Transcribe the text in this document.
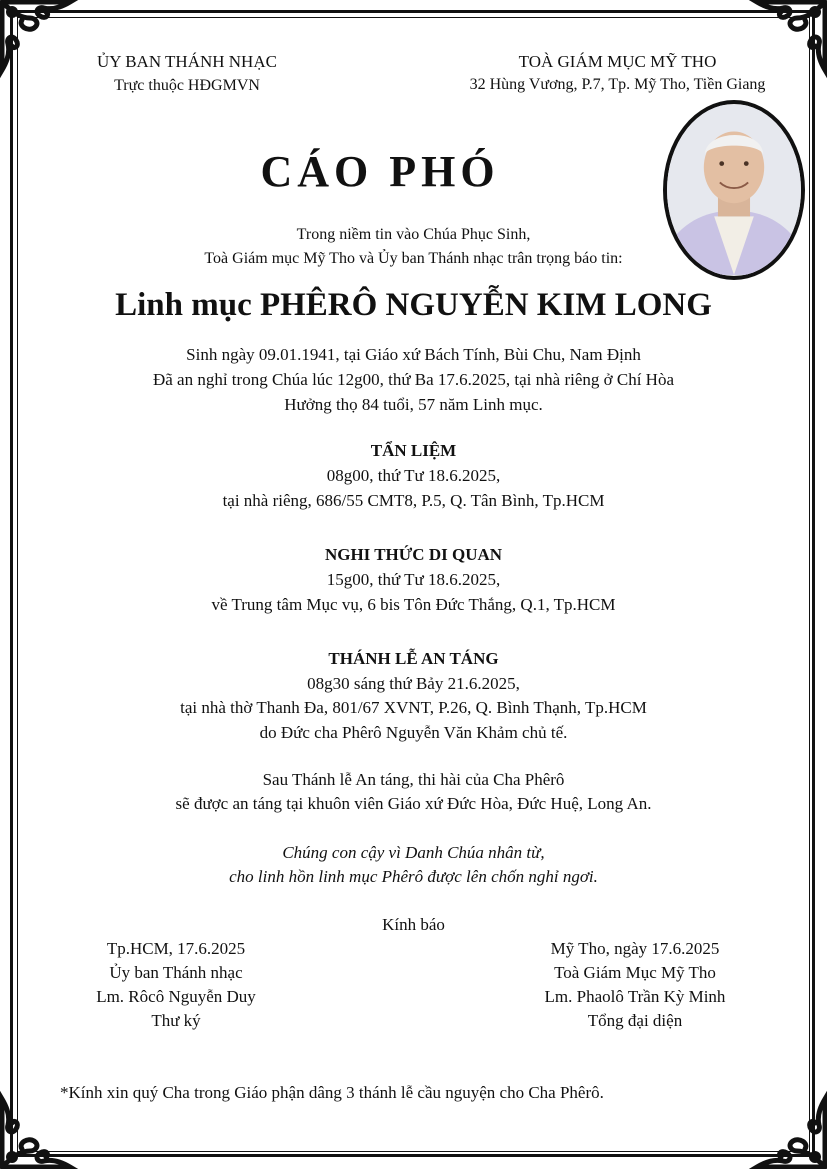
ỦY BAN THÁNH NHẠC
Trực thuộc HĐGMVN
TOÀ GIÁM MỤC MỸ THO
32 Hùng Vương, P.7, Tp. Mỹ Tho, Tiền Giang
CÁO PHÓ
Trong niềm tin vào Chúa Phục Sinh,
Toà Giám mục Mỹ Tho và Ủy ban Thánh nhạc trân trọng báo tin:
Linh mục PHÊRÔ NGUYỄN KIM LONG
Sinh ngày 09.01.1941, tại Giáo xứ Bách Tính, Bùi Chu, Nam Định
Đã an nghỉ trong Chúa lúc 12g00, thứ Ba 17.6.2025, tại nhà riêng ở Chí Hòa
Hưởng thọ 84 tuổi, 57 năm Linh mục.
TẨN LIỆM
08g00, thứ Tư 18.6.2025,
tại nhà riêng, 686/55 CMT8, P.5, Q. Tân Bình, Tp.HCM
NGHI THỨC DI QUAN
15g00, thứ Tư 18.6.2025,
về Trung tâm Mục vụ, 6 bis Tôn Đức Thắng, Q.1, Tp.HCM
THÁNH LỄ AN TÁNG
08g30 sáng thứ Bảy 21.6.2025,
tại nhà thờ Thanh Đa, 801/67 XVNT, P.26, Q. Bình Thạnh, Tp.HCM
do Đức cha Phêrô Nguyễn Văn Khảm chủ tế.
Sau Thánh lễ An táng, thi hài của Cha Phêrô
sẽ được an táng tại khuôn viên Giáo xứ Đức Hòa, Đức Huệ, Long An.
Chúng con cậy vì Danh Chúa nhân từ,
cho linh hồn linh mục Phêrô được lên chốn nghỉ ngơi.
Kính báo
Tp.HCM, 17.6.2025
Ủy ban Thánh nhạc
Lm. Rôcô Nguyễn Duy
Thư ký
Mỹ Tho, ngày 17.6.2025
Toà Giám Mục Mỹ Tho
Lm. Phaolô Trần Kỳ Minh
Tổng đại diện
*Kính xin quý Cha trong Giáo phận dâng 3 thánh lễ cầu nguyện cho Cha Phêrô.
